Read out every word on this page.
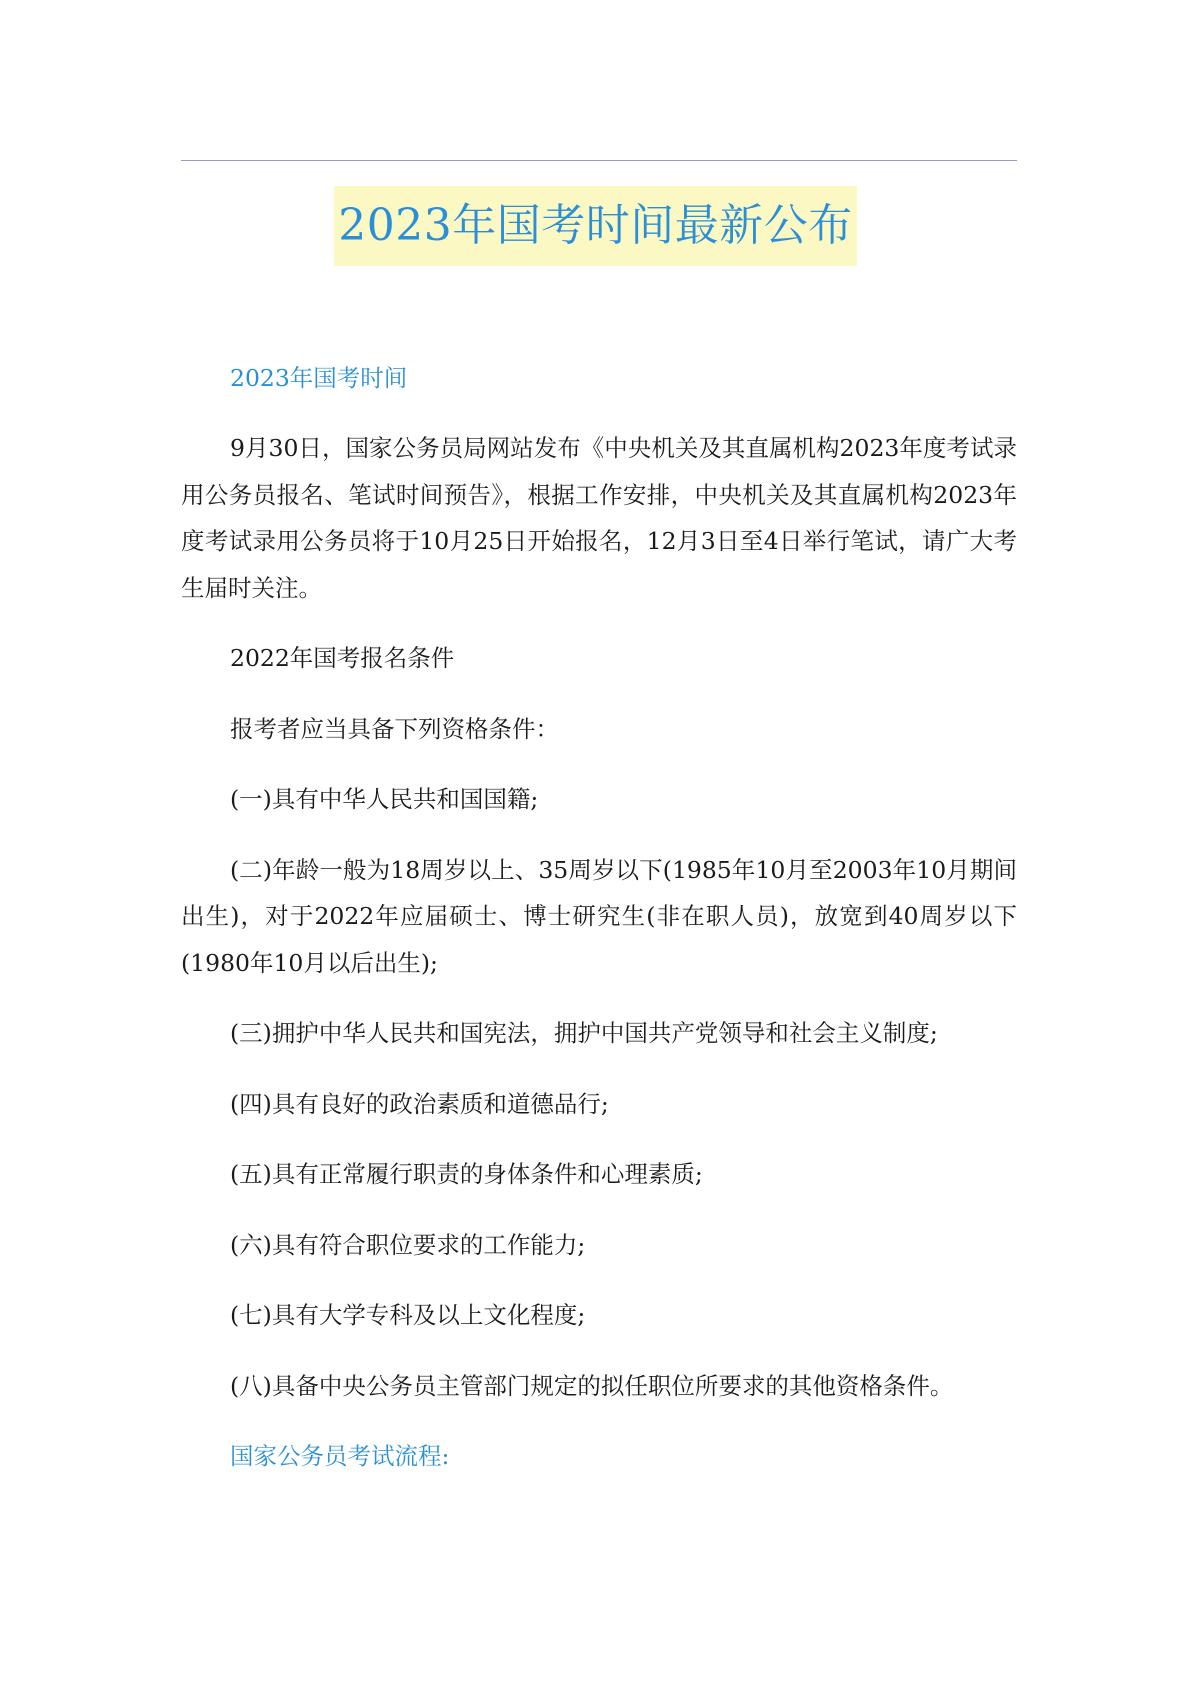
2023年国考时间最新公布

2023年国考时间

9月30日，国家公务员局网站发布《中央机关及其直属机构2023年度考试录用公务员报名、笔试时间预告》，根据工作安排，中央机关及其直属机构2023年度考试录用公务员将于10月25日开始报名，12月3日至4日举行笔试，请广大考生届时关注。

2022年国考报名条件

报考者应当具备下列资格条件：

(一)具有中华人民共和国国籍;

(二)年龄一般为18周岁以上、35周岁以下(1985年10月至2003年10月期间出生)，对于2022年应届硕士、博士研究生(非在职人员)，放宽到40周岁以下(1980年10月以后出生);

(三)拥护中华人民共和国宪法，拥护中国共产党领导和社会主义制度;

(四)具有良好的政治素质和道德品行;

(五)具有正常履行职责的身体条件和心理素质;

(六)具有符合职位要求的工作能力;

(七)具有大学专科及以上文化程度;

(八)具备中央公务员主管部门规定的拟任职位所要求的其他资格条件。

国家公务员考试流程:
